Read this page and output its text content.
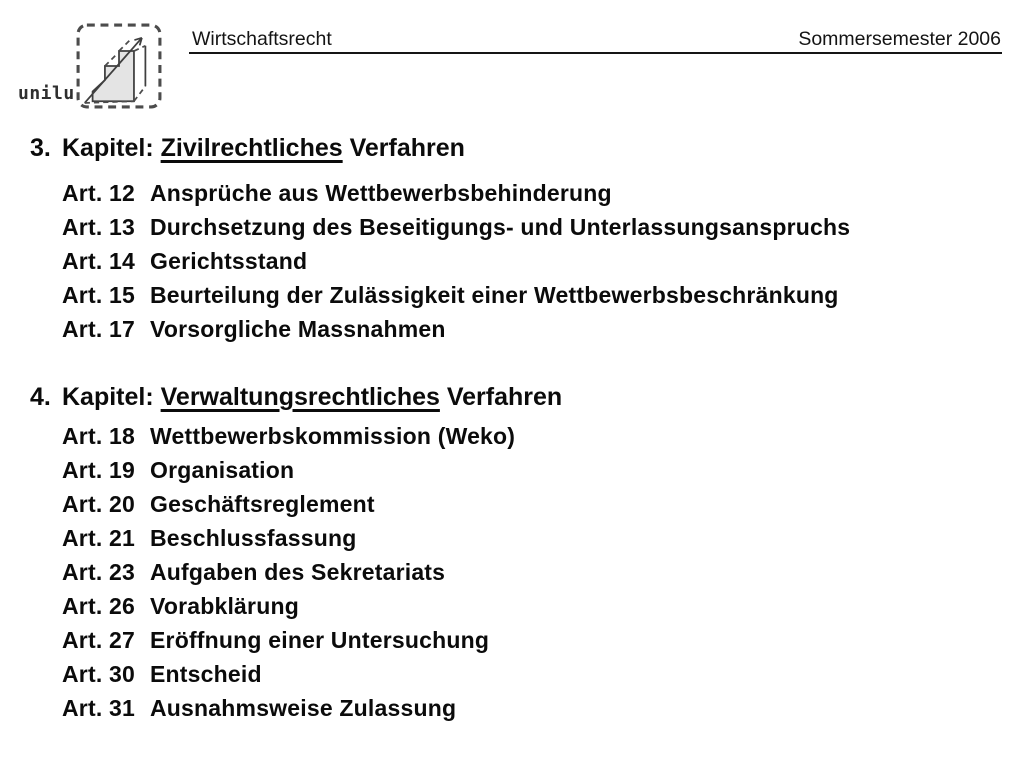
unilu
Wirtschaftsrecht	Sommersemester 2006
3. Kapitel: Zivilrechtliches Verfahren
Art. 12 Ansprüche aus Wettbewerbsbehinderung
Art. 13 Durchsetzung des Beseitigungs- und Unterlassungsanspruchs
Art. 14 Gerichtsstand
Art. 15 Beurteilung der Zulässigkeit einer Wettbewerbsbeschränkung
Art. 17 Vorsorgliche Massnahmen
4. Kapitel: Verwaltungsrechtliches Verfahren
Art. 18 Wettbewerbskommission (Weko)
Art. 19 Organisation
Art. 20 Geschäftsreglement
Art. 21 Beschlussfassung
Art. 23 Aufgaben des Sekretariats
Art. 26 Vorabklärung
Art. 27 Eröffnung einer Untersuchung
Art. 30 Entscheid
Art. 31 Ausnahmsweise Zulassung
